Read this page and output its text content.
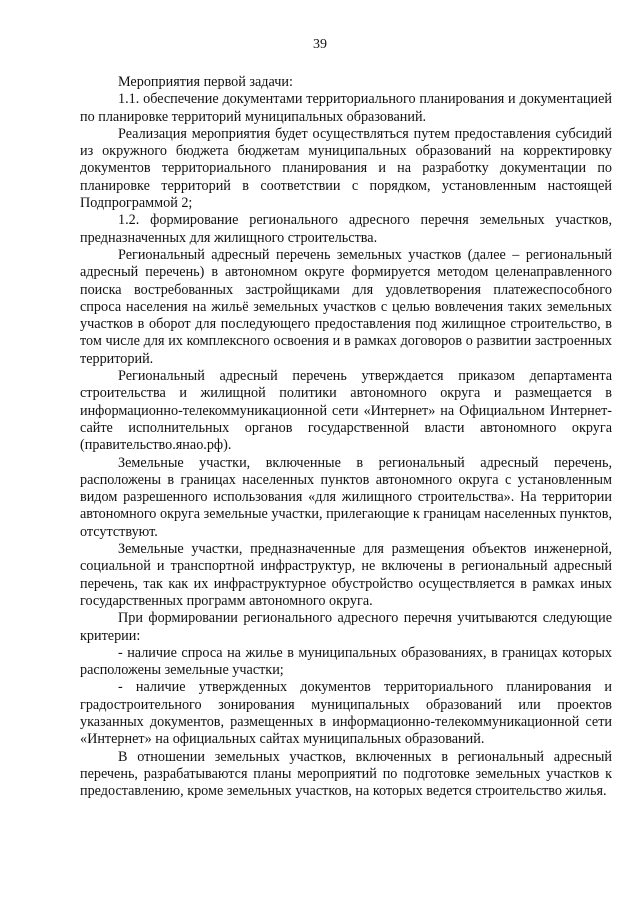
39

Мероприятия первой задачи:

1.1. обеспечение документами территориального планирования и документацией по планировке территорий муниципальных образований.

Реализация мероприятия будет осуществляться путем предоставления субсидий из окружного бюджета бюджетам муниципальных образований на корректировку документов территориального планирования и на разработку документации по планировке территорий в соответствии с порядком, установленным настоящей Подпрограммой 2;

1.2. формирование регионального адресного перечня земельных участков, предназначенных для жилищного строительства.

Региональный адресный перечень земельных участков (далее – региональный адресный перечень) в автономном округе формируется методом целенаправленного поиска востребованных застройщиками для удовлетворения платежеспособного спроса населения на жильё земельных участков с целью вовлечения таких земельных участков в оборот для последующего предоставления под жилищное строительство, в том числе для их комплексного освоения и в рамках договоров о развитии застроенных территорий.

Региональный адресный перечень утверждается приказом департамента строительства и жилищной политики автономного округа и размещается в информационно-телекоммуникационной сети «Интернет» на Официальном Интернет-сайте исполнительных органов государственной власти автономного округа (правительство.янао.рф).

Земельные участки, включенные в региональный адресный перечень, расположены в границах населенных пунктов автономного округа с установленным видом разрешенного использования «для жилищного строительства». На территории автономного округа земельные участки, прилегающие к границам населенных пунктов, отсутствуют.

Земельные участки, предназначенные для размещения объектов инженерной, социальной и транспортной инфраструктур, не включены в региональный адресный перечень, так как их инфраструктурное обустройство осуществляется в рамках иных государственных программ автономного округа.

При формировании регионального адресного перечня учитываются следующие критерии:

- наличие спроса на жилье в муниципальных образованиях, в границах которых расположены земельные участки;

- наличие утвержденных документов территориального планирования и градостроительного зонирования муниципальных образований или проектов указанных документов, размещенных в информационно-телекоммуникационной сети «Интернет» на официальных сайтах муниципальных образований.

В отношении земельных участков, включенных в региональный адресный перечень, разрабатываются планы мероприятий по подготовке земельных участков к предоставлению, кроме земельных участков, на которых ведется строительство жилья.
